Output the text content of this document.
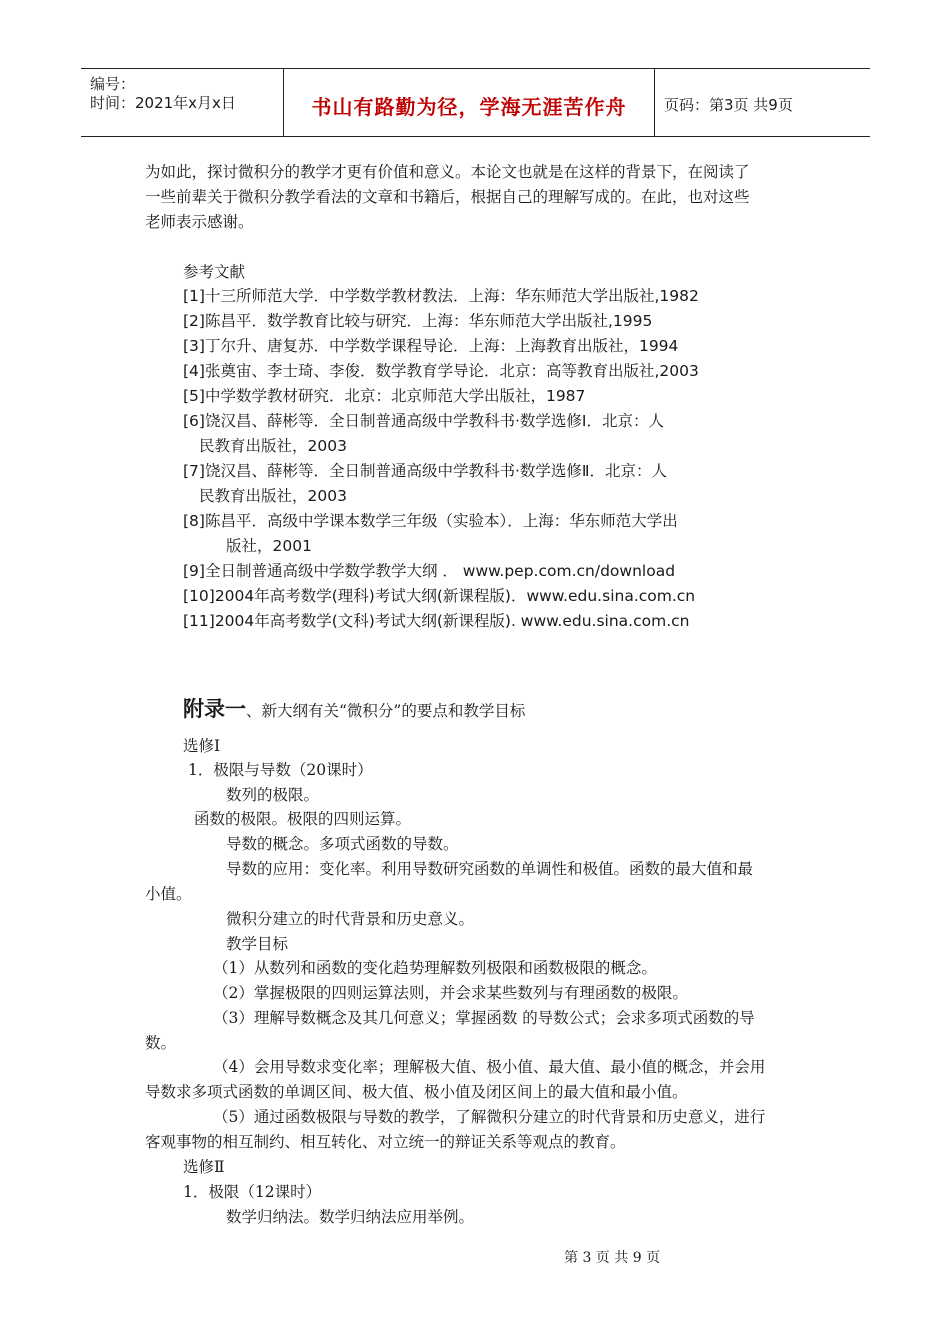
编号：
时间：2021年x月x日	书山有路勤为径，学海无涯苦作舟	页码：第3页 共9页
为如此，探讨微积分的教学才更有价值和意义。本论文也就是在这样的背景下，在阅读了
一些前辈关于微积分教学看法的文章和书籍后，根据自己的理解写成的。在此，也对这些
老师表示感谢。
参考文献
[1]十三所师范大学．中学数学教材教法．上海：华东师范大学出版社,1982
[2]陈昌平．数学教育比较与研究．上海：华东师范大学出版社,1995
[3]丁尔升、唐复苏．中学数学课程导论．上海：上海教育出版社，1994
[4]张奠宙、李士琦、李俊．数学教育学导论．北京：高等教育出版社,2003
[5]中学数学教材研究．北京：北京师范大学出版社，1987
[6]饶汉昌、薛彬等．全日制普通高级中学教科书·数学选修Ⅰ．北京：人
民教育出版社，2003
[7]饶汉昌、薛彬等．全日制普通高级中学教科书·数学选修Ⅱ．北京：人
民教育出版社，2003
[8]陈昌平．高级中学课本数学三年级（实验本）．上海：华东师范大学出
版社，2001
[9]全日制普通高级中学数学教学大纲 ． www.pep.com.cn/download
[10]2004年高考数学(理科)考试大纲(新课程版)．www.edu.sina.com.cn
[11]2004年高考数学(文科)考试大纲(新课程版). www.edu.sina.com.cn
附录一、新大纲有关“微积分”的要点和教学目标
选修Ⅰ
1．极限与导数（20课时）
数列的极限。
函数的极限。极限的四则运算。
导数的概念。多项式函数的导数。
导数的应用：变化率。利用导数研究函数的单调性和极值。函数的最大值和最
小值。
微积分建立的时代背景和历史意义。
教学目标
（1）从数列和函数的变化趋势理解数列极限和函数极限的概念。
（2）掌握极限的四则运算法则，并会求某些数列与有理函数的极限。
（3）理解导数概念及其几何意义；掌握函数 的导数公式；会求多项式函数的导
数。
（4）会用导数求变化率；理解极大值、极小值、最大值、最小值的概念，并会用
导数求多项式函数的单调区间、极大值、极小值及闭区间上的最大值和最小值。
（5）通过函数极限与导数的教学，了解微积分建立的时代背景和历史意义，进行
客观事物的相互制约、相互转化、对立统一的辩证关系等观点的教育。
选修Ⅱ
1．极限（12课时）
数学归纳法。数学归纳法应用举例。
第 3 页 共 9 页
